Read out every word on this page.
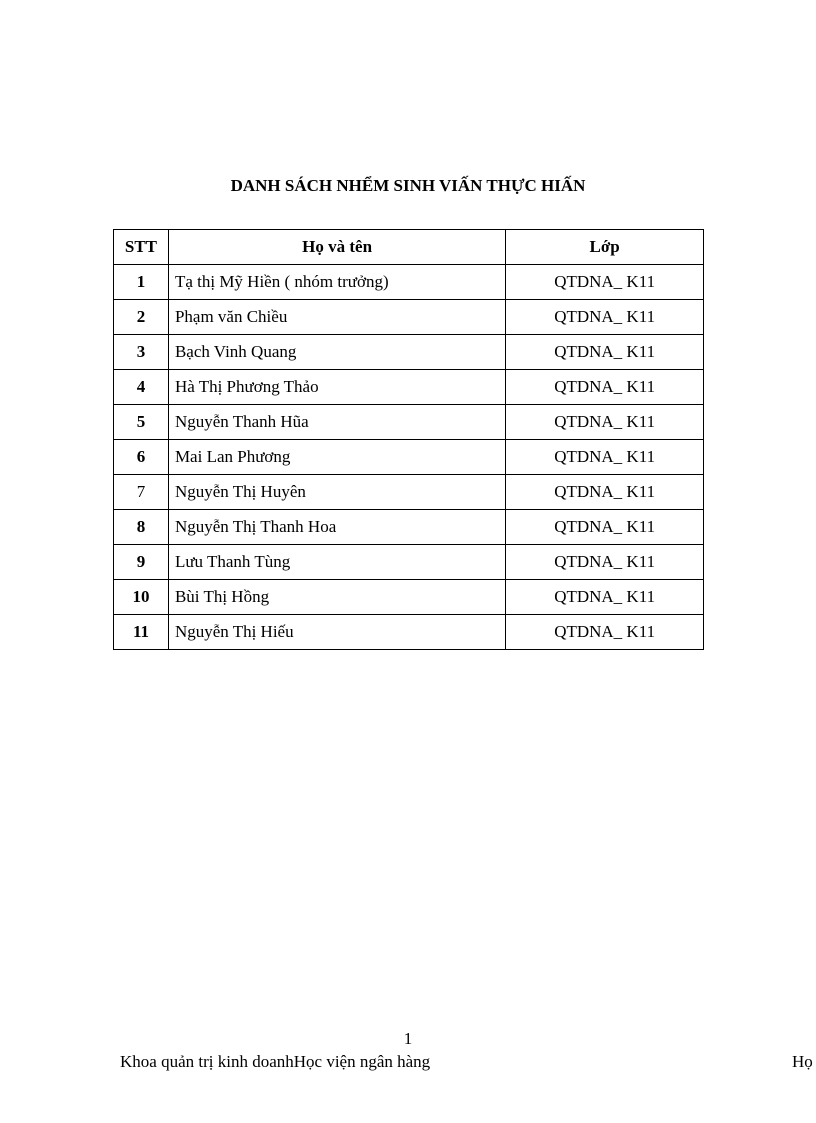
DANH SÁCH NHỂM SINH VIẤN THỰC HIẤN
STT	Họ và tên	Lớp
1	Tạ thị Mỹ Hiền ( nhóm trưởng)	QTDNA_ K11
2	Phạm văn Chiều	QTDNA_ K11
3	Bạch Vinh Quang	QTDNA_ K11
4	Hà Thị Phương Thảo	QTDNA_ K11
5	Nguyễn Thanh Hũa	QTDNA_ K11
6	Mai Lan Phương	QTDNA_ K11
7	Nguyễn Thị Huyên	QTDNA_ K11
8	Nguyễn Thị Thanh Hoa	QTDNA_ K11
9	Lưu Thanh Tùng	QTDNA_ K11
10	Bùi Thị Hồng	QTDNA_ K11
11	Nguyễn Thị Hiếu	QTDNA_ K11
1
Khoa quản trị kinh doanhHọc viện ngân hàng	Họ
